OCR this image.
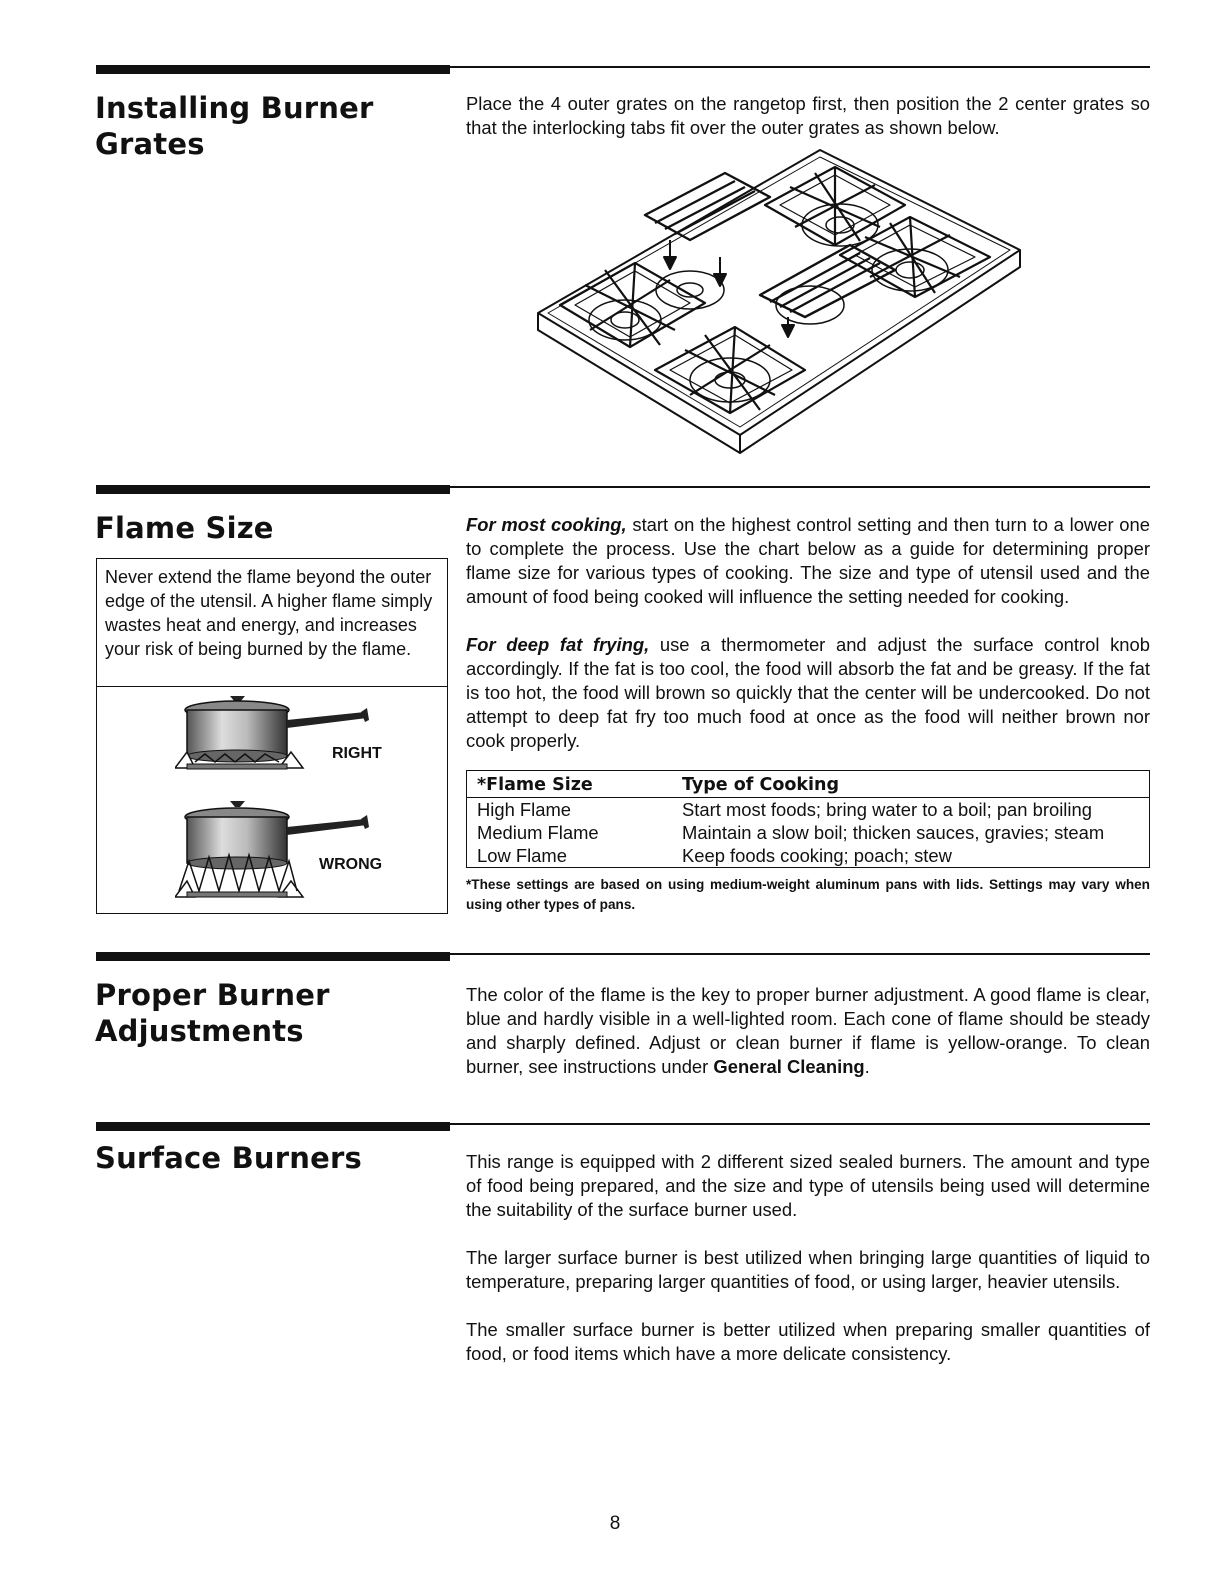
Installing Burner
Grates

Place the 4 outer grates on the rangetop first, then position the 2 center grates so that the interlocking tabs fit over the outer grates as shown below.

Flame Size
Never extend the flame beyond the outer edge of the utensil. A higher flame simply wastes heat and energy, and increases your risk of being burned by the flame.
RIGHT
WRONG

For most cooking, start on the highest control setting and then turn to a lower one to complete the process. Use the chart below as a guide for determining proper flame size for various types of cooking. The size and type of utensil used and the amount of food being cooked will influence the setting needed for cooking.

For deep fat frying, use a thermometer and adjust the surface control knob accordingly. If the fat is too cool, the food will absorb the fat and be greasy. If the fat is too hot, the food will brown so quickly that the center will be undercooked. Do not attempt to deep fat fry too much food at once as the food will neither brown nor cook properly.

*Flame Size	Type of Cooking
High Flame	Start most foods; bring water to a boil; pan broiling
Medium Flame	Maintain a slow boil; thicken sauces, gravies; steam
Low Flame	Keep foods cooking; poach; stew

*These settings are based on using medium-weight aluminum pans with lids. Settings may vary when using other types of pans.

Proper Burner
Adjustments

The color of the flame is the key to proper burner adjustment. A good flame is clear, blue and hardly visible in a well-lighted room. Each cone of flame should be steady and sharply defined. Adjust or clean burner if flame is yellow-orange. To clean burner, see instructions under General Cleaning.

Surface Burners	This range is equipped with 2 different sized sealed burners. The amount and type of food being prepared, and the size and type of utensils being used will determine the suitability of the surface burner used.

The larger surface burner is best utilized when bringing large quantities of liquid to temperature, preparing larger quantities of food, or using larger, heavier utensils.

The smaller surface burner is better utilized when preparing smaller quantities of food, or food items which have a more delicate consistency.

8
